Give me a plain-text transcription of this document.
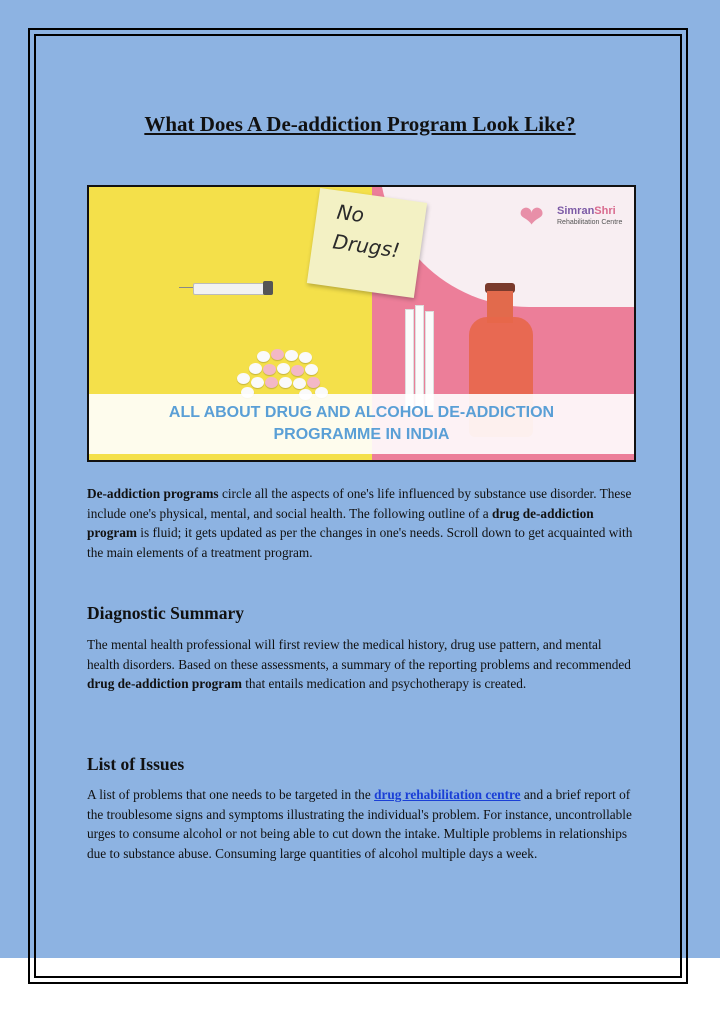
What Does A De-addiction Program Look Like?
No
Drugs!
❤	SimranShri
Rehabilitation Centre
ALL ABOUT DRUG AND ALCOHOL DE-ADDICTION
PROGRAMME IN INDIA

De-addiction programs circle all the aspects of one's life influenced by substance use disorder. These include one's physical, mental, and social health. The following outline of a drug de-addiction program is fluid; it gets updated as per the changes in one's needs. Scroll down to get acquainted with the main elements of a treatment program.

Diagnostic Summary

The mental health professional will first review the medical history, drug use pattern, and mental health disorders. Based on these assessments, a summary of the reporting problems and recommended drug de-addiction program that entails medication and psychotherapy is created.

List of Issues

A list of problems that one needs to be targeted in the drug rehabilitation centre and a brief report of the troublesome signs and symptoms illustrating the individual's problem. For instance, uncontrollable urges to consume alcohol or not being able to cut down the intake. Multiple problems in relationships due to substance abuse. Consuming large quantities of alcohol multiple days a week.
